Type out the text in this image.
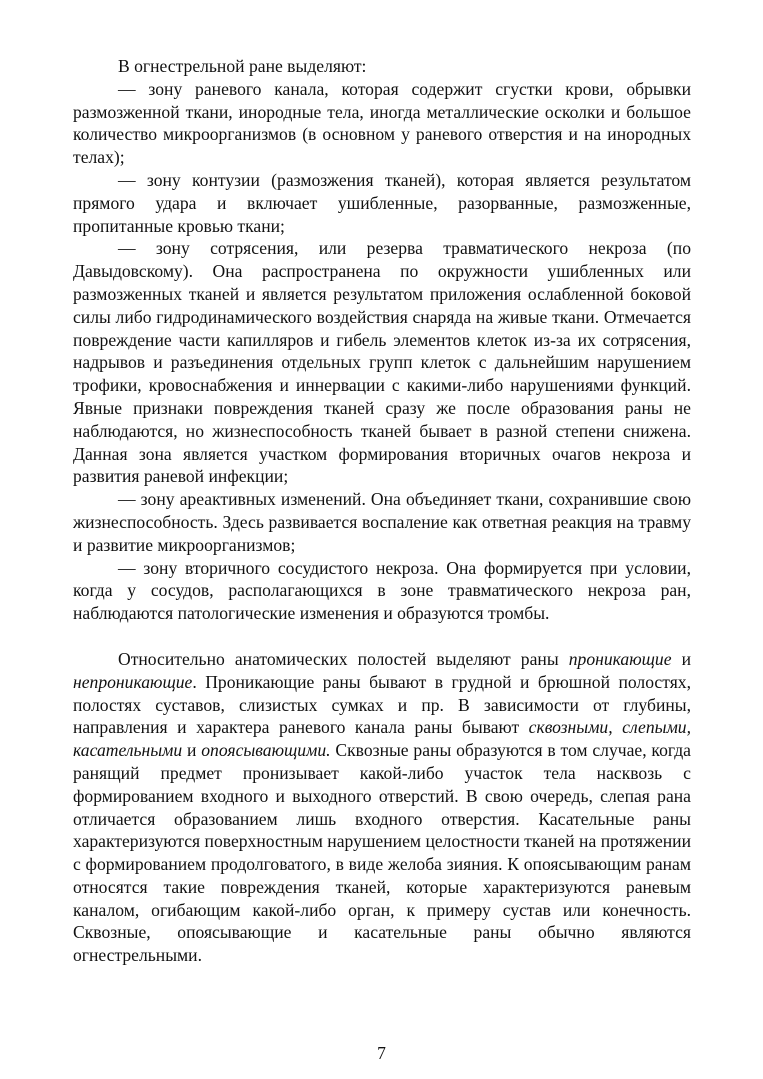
В огнестрельной ране выделяют:

— зону раневого канала, которая содержит сгустки крови, обрывки размозженной ткани, инородные тела, иногда металлические осколки и большое количество микроорганизмов (в основном у раневого отверстия и на инородных телах);

— зону контузии (размозжения тканей), которая является результатом прямого удара и включает ушибленные, разорванные, размозженные, пропитанные кровью ткани;

— зону сотрясения, или резерва травматического некроза (по Давыдовскому). Она распространена по окружности ушибленных или размозженных тканей и является результатом приложения ослабленной боковой силы либо гидродинамического воздействия снаряда на живые ткани. Отмечается повреждение части капилляров и гибель элементов клеток из-за их сотрясения, надрывов и разъединения отдельных групп клеток с дальнейшим нарушением трофики, кровоснабжения и иннервации с какими-либо нарушениями функций. Явные признаки повреждения тканей сразу же после образования раны не наблюдаются, но жизнеспособность тканей бывает в разной степени снижена. Данная зона является участком формирования вторичных очагов некроза и развития раневой инфекции;

— зону ареактивных изменений. Она объединяет ткани, сохранившие свою жизнеспособность. Здесь развивается воспаление как ответная реакция на травму и развитие микроорганизмов;

— зону вторичного сосудистого некроза. Она формируется при условии, когда у сосудов, располагающихся в зоне травматического некроза ран, наблюдаются патологические изменения и образуются тромбы.

Относительно анатомических полостей выделяют раны проникающие и непроникающие. Проникающие раны бывают в грудной и брюшной полостях, полостях суставов, слизистых сумках и пр. В зависимости от глубины, направления и характера раневого канала раны бывают сквозными, слепыми, касательными и опоясывающими. Сквозные раны образуются в том случае, когда ранящий предмет пронизывает какой-либо участок тела насквозь с формированием входного и выходного отверстий. В свою очередь, слепая рана отличается образованием лишь входного отверстия. Касательные раны характеризуются поверхностным нарушением целостности тканей на протяжении с формированием продолговатого, в виде желоба зияния. К опоясывающим ранам относятся такие повреждения тканей, которые характеризуются раневым каналом, огибающим какой-либо орган, к примеру сустав или конечность. Сквозные, опоясывающие и касательные раны обычно являются огнестрельными.

7
